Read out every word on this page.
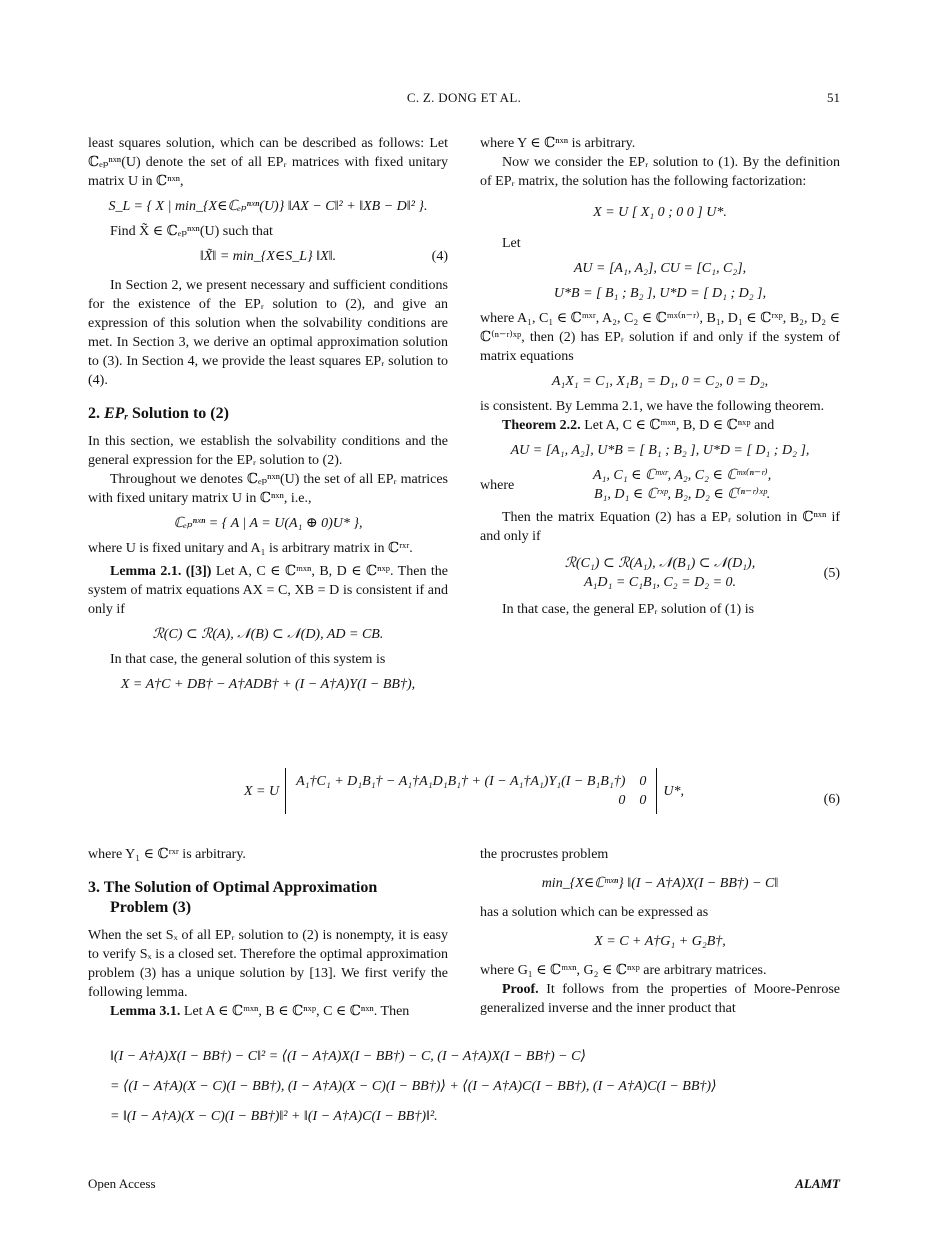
C. Z. DONG ET AL.	51

least squares solution, which can be described as follows: Let ℂₑₚⁿˣⁿ(U) denote the set of all EPᵣ matrices with fixed unitary matrix U in ℂⁿˣⁿ,

S_L = { X | min_{X∈ℂₑₚⁿˣⁿ(U)} ‖AX − C‖² + ‖XB − D‖² }.

Find X̃ ∈ ℂₑₚⁿˣⁿ(U) such that

‖X̃‖ = min_{X∈S_L} ‖X‖.	(4)

In Section 2, we present necessary and sufficient conditions for the existence of the EPᵣ solution to (2), and give an expression of this solution when the solvability conditions are met. In Section 3, we derive an optimal approximation solution to (3). In Section 4, we provide the least squares EPᵣ solution to (4).

2. EPᵣ Solution to (2)

In this section, we establish the solvability conditions and the general expression for the EPᵣ solution to (2).

Throughout we denotes ℂₑₚⁿˣⁿ(U) the set of all EPᵣ matrices with fixed unitary matrix U in ℂⁿˣⁿ, i.e.,

ℂₑₚⁿˣⁿ = { A | A = U(A₁ ⊕ 0)U* },

where U is fixed unitary and A₁ is arbitrary matrix in ℂʳˣʳ.

Lemma 2.1. ([3]) Let A, C ∈ ℂᵐˣⁿ, B, D ∈ ℂⁿˣᵖ. Then the system of matrix equations AX = C, XB = D is consistent if and only if

ℛ(C) ⊂ ℛ(A), 𝒩(B) ⊂ 𝒩(D), AD = CB.

In that case, the general solution of this system is

X = A†C + DB† − A†ADB† + (I − A†A)Y(I − BB†),

where Y ∈ ℂⁿˣⁿ is arbitrary.

Now we consider the EPᵣ solution to (1). By the definition of EPᵣ matrix, the solution has the following factorization:

X = U [ X₁ 0 ; 0 0 ] U*.

Let

AU = [A₁, A₂], CU = [C₁, C₂],
U*B = [ B₁ ; B₂ ], U*D = [ D₁ ; D₂ ],

where A₁, C₁ ∈ ℂᵐˣʳ, A₂, C₂ ∈ ℂᵐˣ⁽ⁿ⁻ʳ⁾, B₁, D₁ ∈ ℂʳˣᵖ, B₂, D₂ ∈ ℂ⁽ⁿ⁻ʳ⁾ˣᵖ, then (2) has EPᵣ solution if and only if the system of matrix equations

A₁X₁ = C₁, X₁B₁ = D₁, 0 = C₂, 0 = D₂,

is consistent. By Lemma 2.1, we have the following theorem.

Theorem 2.2. Let A, C ∈ ℂᵐˣⁿ, B, D ∈ ℂⁿˣᵖ and

AU = [A₁, A₂], U*B = [ B₁ ; B₂ ], U*D = [ D₁ ; D₂ ],
where
A₁, C₁ ∈ ℂᵐˣʳ, A₂, C₂ ∈ ℂᵐˣ⁽ⁿ⁻ʳ⁾,
B₁, D₁ ∈ ℂʳˣᵖ, B₂, D₂ ∈ ℂ⁽ⁿ⁻ʳ⁾ˣᵖ.

Then the matrix Equation (2) has a EPᵣ solution in ℂⁿˣⁿ if and only if

ℛ(C₁) ⊂ ℛ(A₁), 𝒩(B₁) ⊂ 𝒩(D₁),
A₁D₁ = C₁B₁, C₂ = D₂ = 0.
(5)

In that case, the general EPᵣ solution of (1) is

X = U
A₁†C₁ + D₁B₁† − A₁†A₁D₁B₁† + (I − A₁†A₁)Y₁(I − B₁B₁†)    0
0    0
U*,
(6)

where Y₁ ∈ ℂʳˣʳ is arbitrary.

3. The Solution of Optimal Approximation
Problem (3)

When the set Sₓ of all EPᵣ solution to (2) is nonempty, it is easy to verify Sₓ is a closed set. Therefore the optimal approximation problem (3) has a unique solution by [13]. We first verify the following lemma.

Lemma 3.1. Let A ∈ ℂᵐˣⁿ, B ∈ ℂⁿˣᵖ, C ∈ ℂⁿˣⁿ. Then

the procrustes problem

min_{X∈ℂᵐˣⁿ} ‖(I − A†A)X(I − BB†) − C‖

has a solution which can be expressed as

X = C + A†G₁ + G₂B†,

where G₁ ∈ ℂᵐˣⁿ, G₂ ∈ ℂⁿˣᵖ are arbitrary matrices.

Proof. It follows from the properties of Moore-Penrose generalized inverse and the inner product that

‖(I − A†A)X(I − BB†) − C‖² = ⟨(I − A†A)X(I − BB†) − C, (I − A†A)X(I − BB†) − C⟩
= ⟨(I − A†A)(X − C)(I − BB†), (I − A†A)(X − C)(I − BB†)⟩ + ⟨(I − A†A)C(I − BB†), (I − A†A)C(I − BB†)⟩
= ‖(I − A†A)(X − C)(I − BB†)‖² + ‖(I − A†A)C(I − BB†)‖².
Open Access	ALAMT
